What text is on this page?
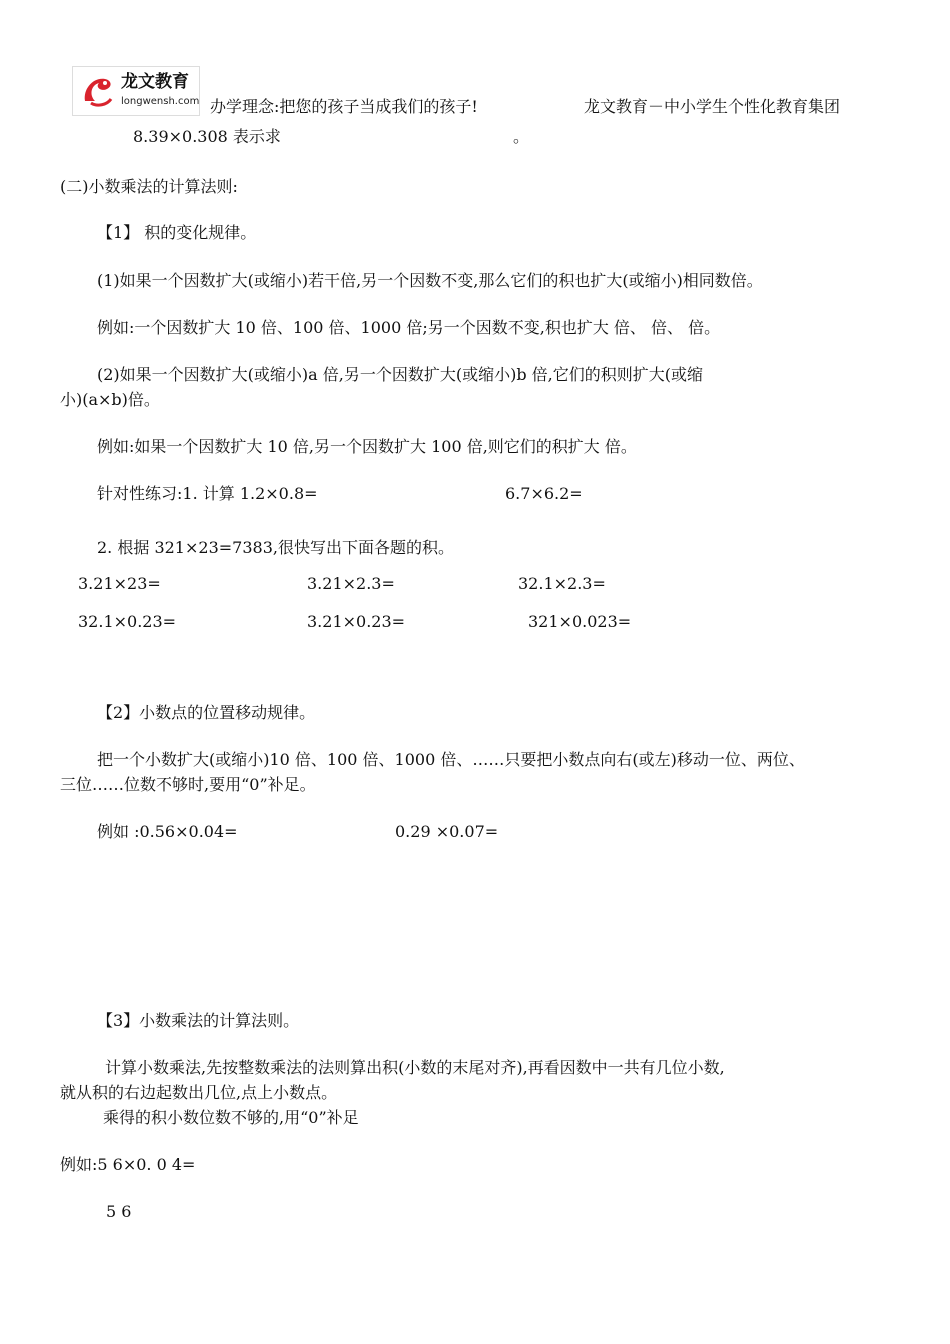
龙文教育
longwensh.com 办学理念:把您的孩子当成我们的孩子!	龙文教育－中小学生个性化教育集团
8.39×0.308 表示求	。
(二)小数乘法的计算法则:
【1】 积的变化规律。
(1)如果一个因数扩大(或缩小)若干倍,另一个因数不变,那么它们的积也扩大(或缩小)相同数倍。
例如:一个因数扩大 10 倍、100 倍、1000 倍;另一个因数不变,积也扩大 倍、 倍、 倍。
(2)如果一个因数扩大(或缩小)a 倍,另一个因数扩大(或缩小)b 倍,它们的积则扩大(或缩
小)(a×b)倍。
例如:如果一个因数扩大 10 倍,另一个因数扩大 100 倍,则它们的积扩大 倍。
针对性练习:1. 计算 1.2×0.8=	6.7×6.2=
2. 根据 321×23=7383,很快写出下面各题的积。
3.21×23=	3.21×2.3=	32.1×2.3=
32.1×0.23=	3.21×0.23=	321×0.023=
【2】小数点的位置移动规律。
把一个小数扩大(或缩小)10 倍、100 倍、1000 倍、……只要把小数点向右(或左)移动一位、两位、
三位……位数不够时,要用“0”补足。
例如 :0.56×0.04=	0.29 ×0.07=
【3】小数乘法的计算法则。
计算小数乘法,先按整数乘法的法则算出积(小数的末尾对齐),再看因数中一共有几位小数,
就从积的右边起数出几位,点上小数点。
乘得的积小数位数不够的,用“0”补足
例如:5 6×0. 0 4=
5 6
